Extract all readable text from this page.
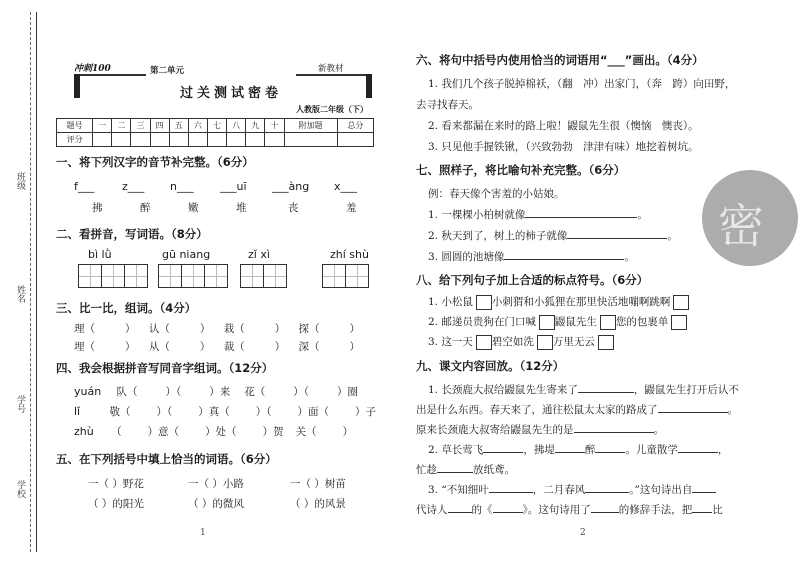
班级
姓名
学号
学校
冲刺100	第二单元	新教材
过关测试密卷
人教版二年级（下）
题号	一	二	三	四	五	六	七	八	九	十	附加题	总分
评分												
一、将下列汉字的音节补完整。（6分）
f___	z___ n___ ___uī ___àng x___
拂	醉	嫩	堆	丧	羞
二、看拼音，写词语。（8分）
bì lǜ	gū niang	zǐ xì	zhí shù
三、比一比，组词。（4分）
理（	） 认（	） 栽（	） 探（	）
埋（	） 从（	） 裁（	） 深（	）
四、我会根据拼音写同音字组词。（12分）
yuán 队（	）（	）来 花（	）（	）圈
lǐ	敬（ ）（ ）真（ ）（ ）面（ ）子
zhù （ ）意（ ）处（ ）贺 关（ ）
五、在下列括号中填上恰当的词语。（6分）
一（ ）野花	一（ ）小路	一（ ）树苗
（ ）的阳光	（ ）的微风	（ ）的风景
1
密
六、将句中括号内使用恰当的词语用“___”画出。（4分）
1. 我们几个孩子脱掉棉袄，（翻　冲）出家门，（奔　跨）向田野，
去寻找春天。
2. 看来都漏在来时的路上啦！鼹鼠先生很（懊恼　懊丧）。
3. 只见他手握铁锹，（兴致勃勃　津津有味）地挖着树坑。
七、照样子，将比喻句补充完整。（6分）
例：春天像个害羞的小姑娘。
1. 一棵棵小柏树就像	。
2. 秋天到了，树上的柿子就像	。
3. 圆圆的池塘像	。
八、给下列句子加上合适的标点符号。（6分）
1. 小松鼠 小刺猬和小狐狸在那里快活地嘣啊跳啊
2. 邮递员贵狗在门口喊 鼹鼠先生 您的包裹单
3. 这一天 碧空如洗 万里无云
九、课文内容回放。（12分）
1. 长颈鹿大叔给鼹鼠先生寄来了	，鼹鼠先生打开后认不
出是什么东西。春天来了，通往松鼠太太家的路成了	。
原来长颈鹿大叔寄给鼹鼠先生的是	。
2. 草长莺飞	，拂堤	醉	。儿童散学	，
忙趁	放纸鸢。
3. “不知细叶	，二月春风	。”这句诗出自
代诗人 的《	》。这句诗用了	的修辞手法，把 比
2
